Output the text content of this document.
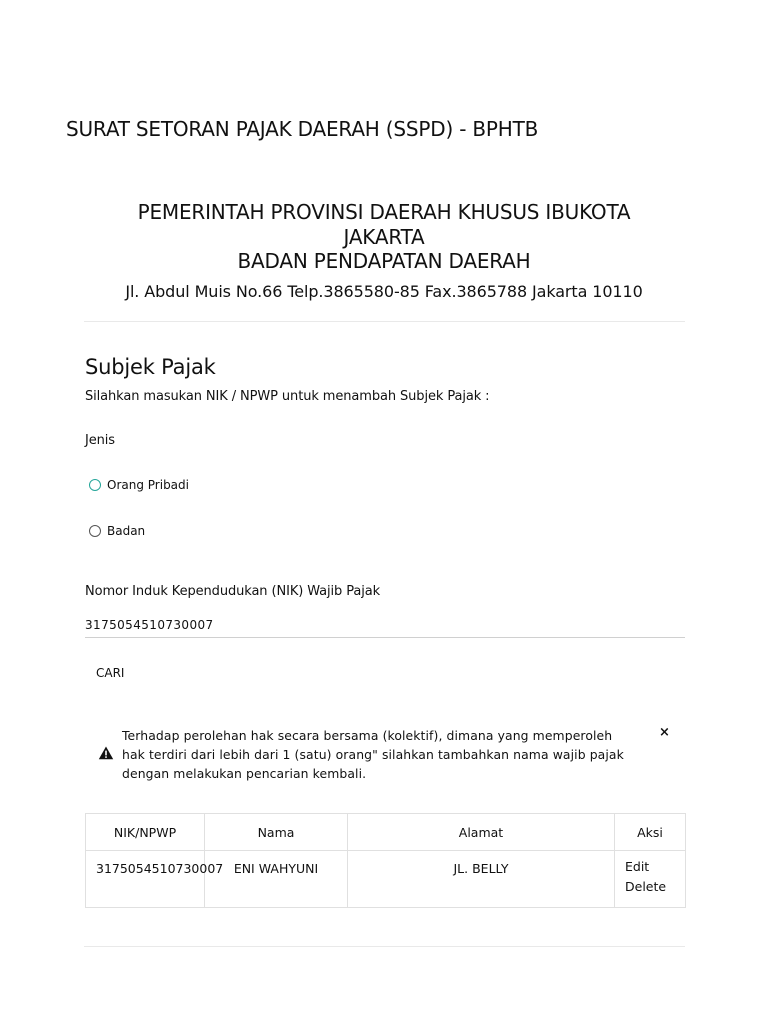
SURAT SETORAN PAJAK DAERAH (SSPD) - BPHTB
PEMERINTAH PROVINSI DAERAH KHUSUS IBUKOTA
JAKARTA
BADAN PENDAPATAN DAERAH
Jl. Abdul Muis No.66 Telp.3865580-85 Fax.3865788 Jakarta 10110
Subjek Pajak
Silahkan masukan NIK / NPWP untuk menambah Subjek Pajak :
Jenis
Orang Pribadi
Badan
Nomor Induk Kependudukan (NIK) Wajib Pajak
3175054510730007
CARI
Terhadap perolehan hak secara bersama (kolektif), dimana yang memperoleh hak terdiri dari lebih dari 1 (satu) orang" silahkan tambahkan nama wajib pajak dengan melakukan pencarian kembali.
×
NIK/NPWP	Nama	Alamat	Aksi
3175054510730007	ENI WAHYUNI	JL. BELLY	Edit
Delete
